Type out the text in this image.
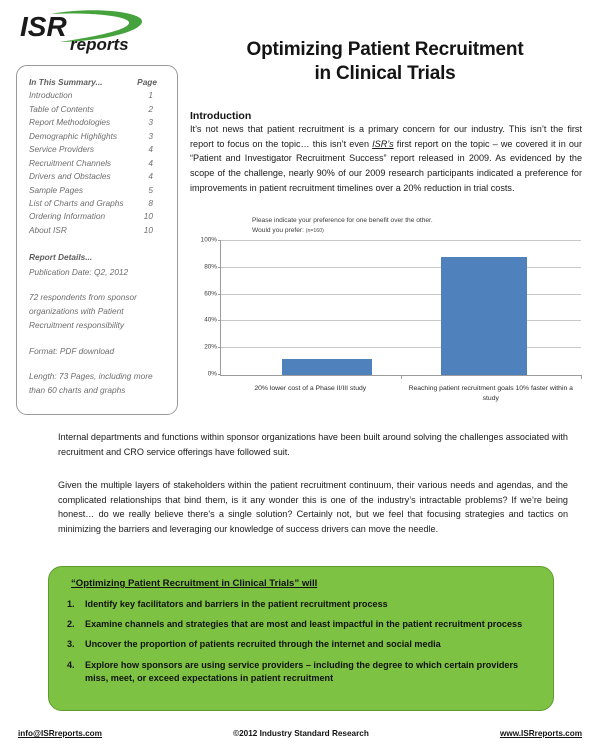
ISR
reports	Optimizing Patient Recruitment
in Clinical Trials
In This Summary...	Page
Introduction	1
Table of Contents	2
Report Methodologies	3
Demographic Highlights	3
Service Providers	4
Recruitment Channels	4
Drivers and Obstacles	4
Sample Pages	5
List of Charts and Graphs	8
Ordering Information	10
About ISR	10
Report Details...
Publication Date: Q2, 2012
72 respondents from sponsor organizations with Patient Recruitment responsibility
Format: PDF download
Length: 73 Pages, including more than 60 charts and graphs
Introduction
It’s not news that patient recruitment is a primary concern for our industry. This isn’t the first report to focus on the topic… this isn’t even ISR’s first report on the topic – we covered it in our “Patient and Investigator Recruitment Success” report released in 2009. As evidenced by the scope of the challenge, nearly 90% of our 2009 research participants indicated a preference for improvements in patient recruitment timelines over a 20% reduction in trial costs.
Please indicate your preference for one benefit over the other.
Would you prefer: (n=160)
100%
80%
60%
40%
20%
0%
20% lower cost of a Phase II/III study	Reaching patient recruitment goals 10% faster within a study
Internal departments and functions within sponsor organizations have been built around solving the challenges associated with recruitment and CRO service offerings have followed suit.
Given the multiple layers of stakeholders within the patient recruitment continuum, their various needs and agendas, and the complicated relationships that bind them, is it any wonder this is one of the industry’s intractable problems? If we’re being honest… do we really believe there's a single solution? Certainly not, but we feel that focusing strategies and tactics on minimizing the barriers and leveraging our knowledge of success drivers can move the needle.
“Optimizing Patient Recruitment in Clinical Trials” will
1.	Identify key facilitators and barriers in the patient recruitment process
2.	Examine channels and strategies that are most and least impactful in the patient recruitment process
3.	Uncover the proportion of patients recruited through the internet and social media
4.	Explore how sponsors are using service providers – including the degree to which certain providers miss, meet, or exceed expectations in patient recruitment
info@ISRreports.com	©2012 Industry Standard Research	www.ISRreports.com
